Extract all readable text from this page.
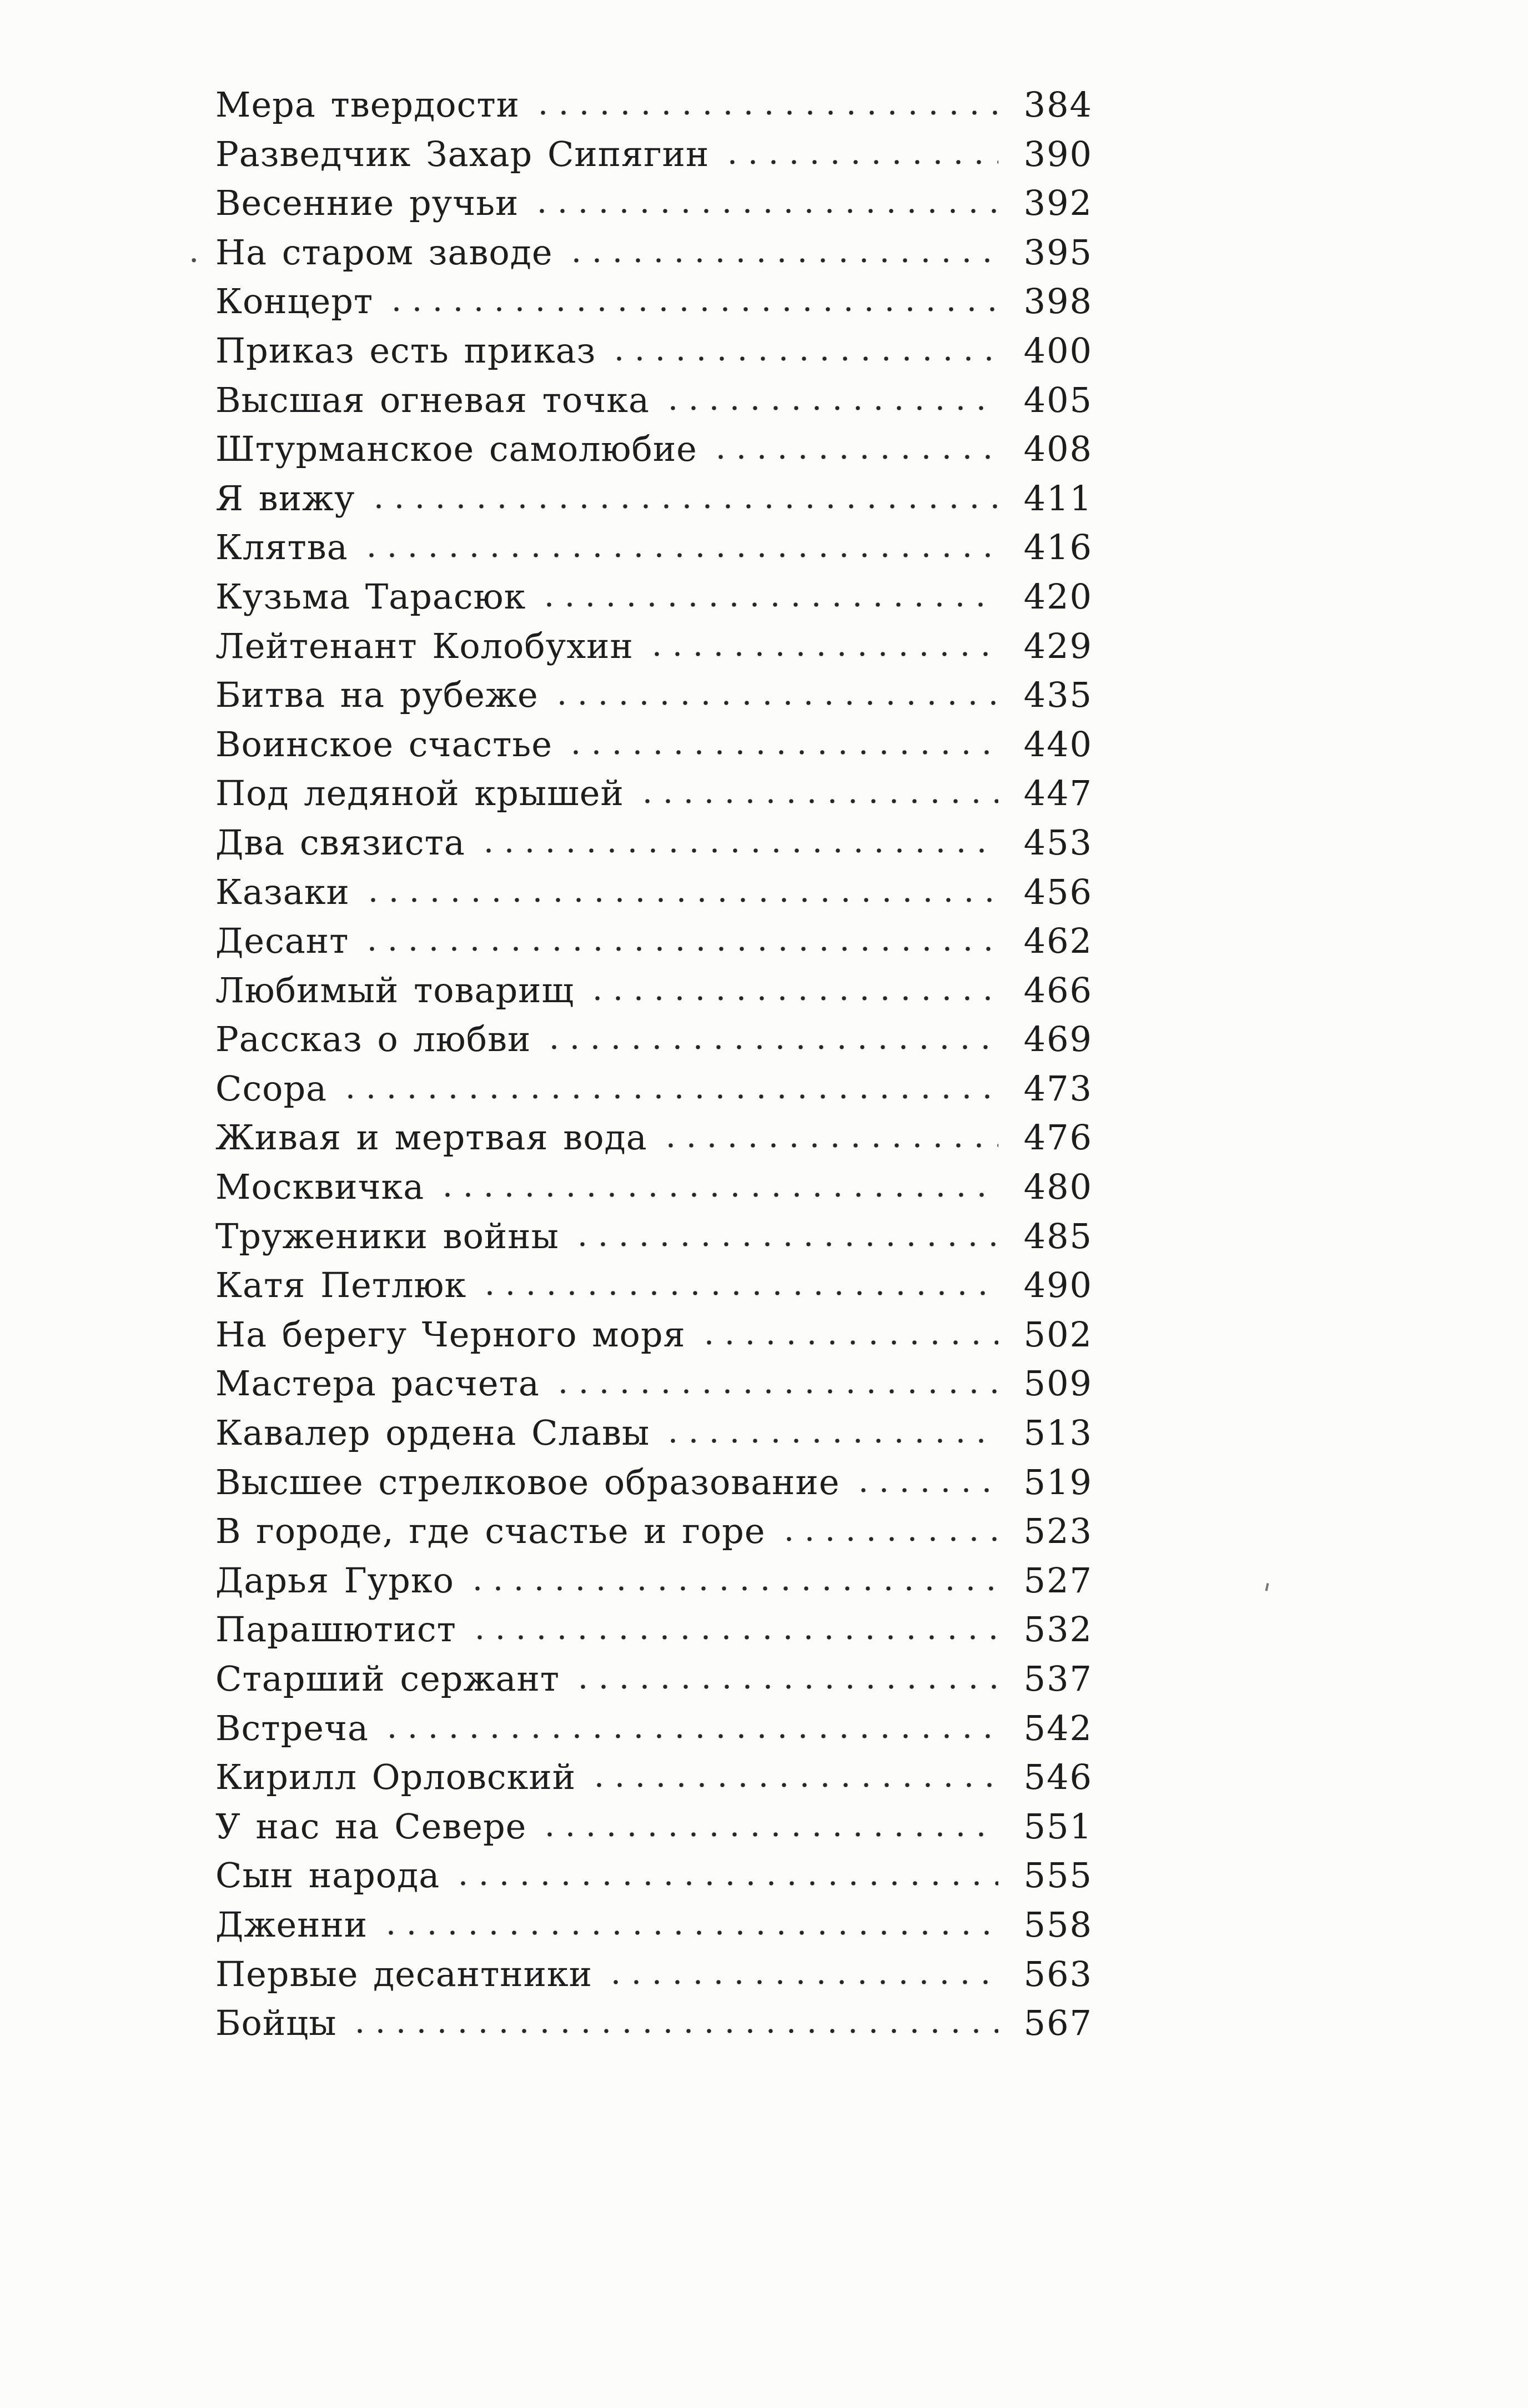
Мера твердости	384
Разведчик Захар Сипягин	390
Весенние ручьи	392
На старом заводе	395
Концерт	398
Приказ есть приказ	400
Высшая огневая точка	405
Штурманское самолюбие	408
Я вижу	411
Клятва	416
Кузьма Тарасюк	420
Лейтенант Колобухин	429
Битва на рубеже	435
Воинское счастье	440
Под ледяной крышей	447
Два связиста	453
Казаки	456
Десант	462
Любимый товарищ	466
Рассказ о любви	469
Ссора	473
Живая и мертвая вода	476
Москвичка	480
Труженики войны	485
Катя Петлюк	490
На берегу Черного моря	502
Мастера расчета	509
Кавалер ордена Славы	513
Высшее стрелковое образование	519
В городе, где счастье и горе	523
Дарья Гурко	527
Парашютист	532
Старший сержант	537
Встреча	542
Кирилл Орловский	546
У нас на Севере	551
Сын народа	555
Дженни	558
Первые десантники	563
Бойцы	567
·
'
